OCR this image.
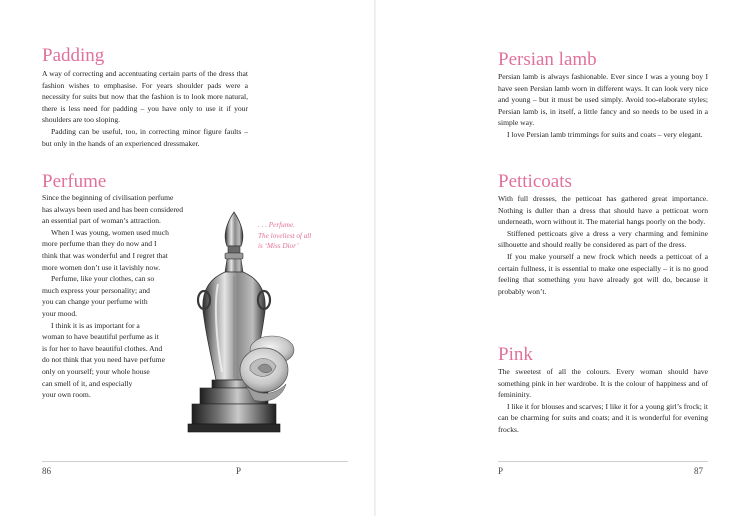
Padding

A way of correcting and accentuating certain parts of the dress that fashion wishes to emphasise. For years shoulder pads were a necessity for suits but now that the fashion is to look more natural, there is less need for padding – you have only to use it if your shoulders are too sloping.

Padding can be useful, too, in correcting minor figure faults – but only in the hands of an experienced dressmaker.

Perfume
Since the beginning of civilisation perfume
has always been used and has been considered
an essential part of woman’s attraction.
When I was young, women used much
more perfume than they do now and I
think that was wonderful and I regret that
more women don’t use it lavishly now.
Perfume, like your clothes, can so
much express your personality; and
you can change your perfume with
your mood.
I think it is as important for a
woman to have beautiful perfume as it
is for her to have beautiful clothes. And
do not think that you need have perfume
only on yourself; your whole house
can smell of it, and especially
your own room.
. . . Perfume.
The loveliest of all
is ‘Miss Dior’
86	P
Persian lamb

Persian lamb is always fashionable. Ever since I was a young boy I have seen Persian lamb worn in different ways. It can look very nice and young – but it must be used simply. Avoid too-elaborate styles; Persian lamb is, in itself, a little fancy and so needs to be used in a simple way.

I love Persian lamb trimmings for suits and coats – very elegant.

Petticoats

With full dresses, the petticoat has gathered great importance. Nothing is duller than a dress that should have a petticoat worn underneath, worn without it. The material hangs poorly on the body.

Stiffened petticoats give a dress a very charming and feminine silhouette and should really be considered as part of the dress.

If you make yourself a new frock which needs a petticoat of a certain fullness, it is essential to make one especially – it is no good feeling that something you have already got will do, because it probably won’t.

Pink

The sweetest of all the colours. Every woman should have something pink in her wardrobe. It is the colour of happiness and of femininity.

I like it for blouses and scarves; I like it for a young girl’s frock; it can be charming for suits and coats; and it is wonderful for evening frocks.

P	87
